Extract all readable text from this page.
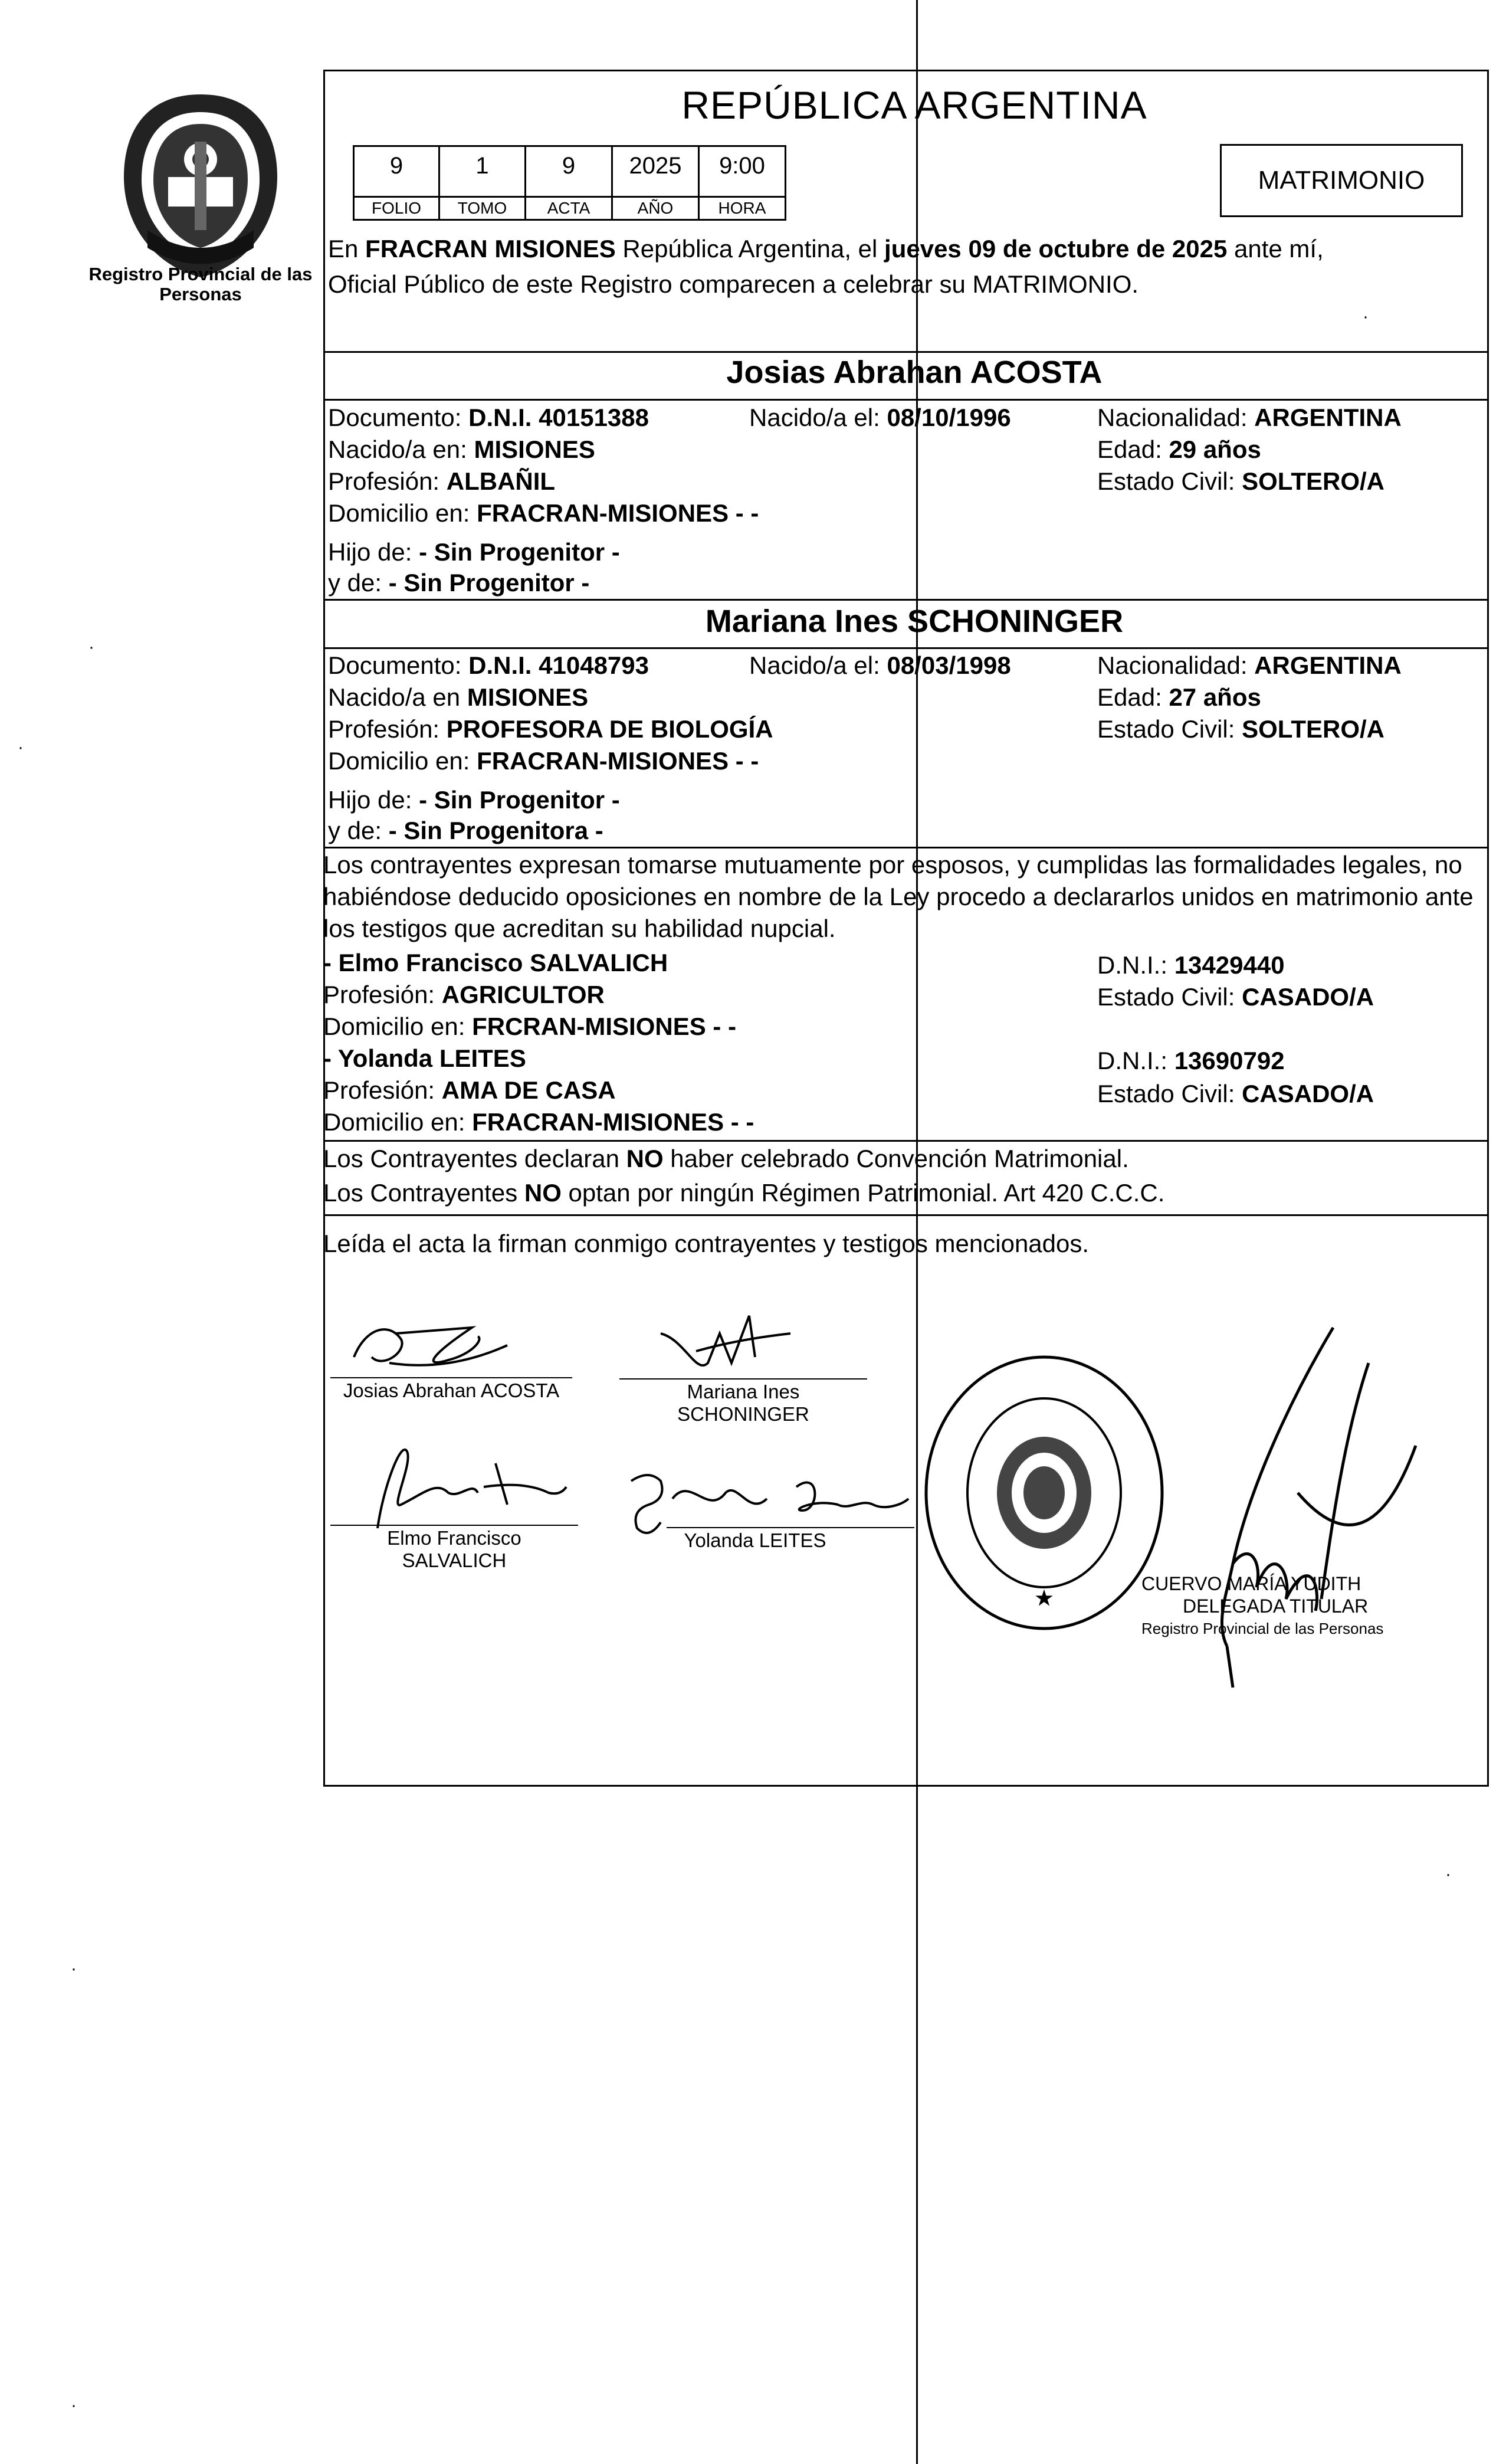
Registro Provincial de las Personas
REPÚBLICA ARGENTINA
9
FOLIO
1
TOMO
9
ACTA
2025
AÑO
9:00
HORA
MATRIMONIO
En FRACRAN MISIONES República Argentina, el jueves 09 de octubre de 2025 ante mí,
Oficial Público de este Registro comparecen a celebrar su MATRIMONIO.
Josias Abrahan ACOSTA
Documento: D.N.I. 40151388	Nacido/a el: 08/10/1996	Nacionalidad: ARGENTINA
Nacido/a en: MISIONES	Edad: 29 años
Profesión: ALBAÑIL	Estado Civil: SOLTERO/A
Domicilio en: FRACRAN-MISIONES - -
Hijo de: - Sin Progenitor -
y de: - Sin Progenitor -
Mariana Ines SCHONINGER
Documento: D.N.I. 41048793	Nacido/a el: 08/03/1998	Nacionalidad: ARGENTINA
Nacido/a en MISIONES	Edad: 27 años
Profesión: PROFESORA DE BIOLOGÍA	Estado Civil: SOLTERO/A
Domicilio en: FRACRAN-MISIONES - -
Hijo de: - Sin Progenitor -
y de: - Sin Progenitora -
Los contrayentes expresan tomarse mutuamente por esposos, y cumplidas las formalidades legales, no
habiéndose deducido oposiciones en nombre de la Ley procedo a declararlos unidos en matrimonio ante
los testigos que acreditan su habilidad nupcial.
- Elmo Francisco SALVALICH	D.N.I.: 13429440
Profesión: AGRICULTOR	Estado Civil: CASADO/A
Domicilio en: FRCRAN-MISIONES - -
- Yolanda LEITES	D.N.I.: 13690792
Profesión: AMA DE CASA	Estado Civil: CASADO/A
Domicilio en: FRACRAN-MISIONES - -
Los Contrayentes declaran NO haber celebrado Convención Matrimonial.
Los Contrayentes NO optan por ningún Régimen Patrimonial. Art 420 C.C.C.
Leída el acta la firman conmigo contrayentes y testigos mencionados.
Josias Abrahan ACOSTA	Mariana Ines
SCHONINGER
Elmo Francisco
SALVALICH
Yolanda LEITES
★
CUERVO MARÍA YUDITH
DELEGADA TITULAR
Registro Provincial de las Personas
·
·
·
·
·
·
